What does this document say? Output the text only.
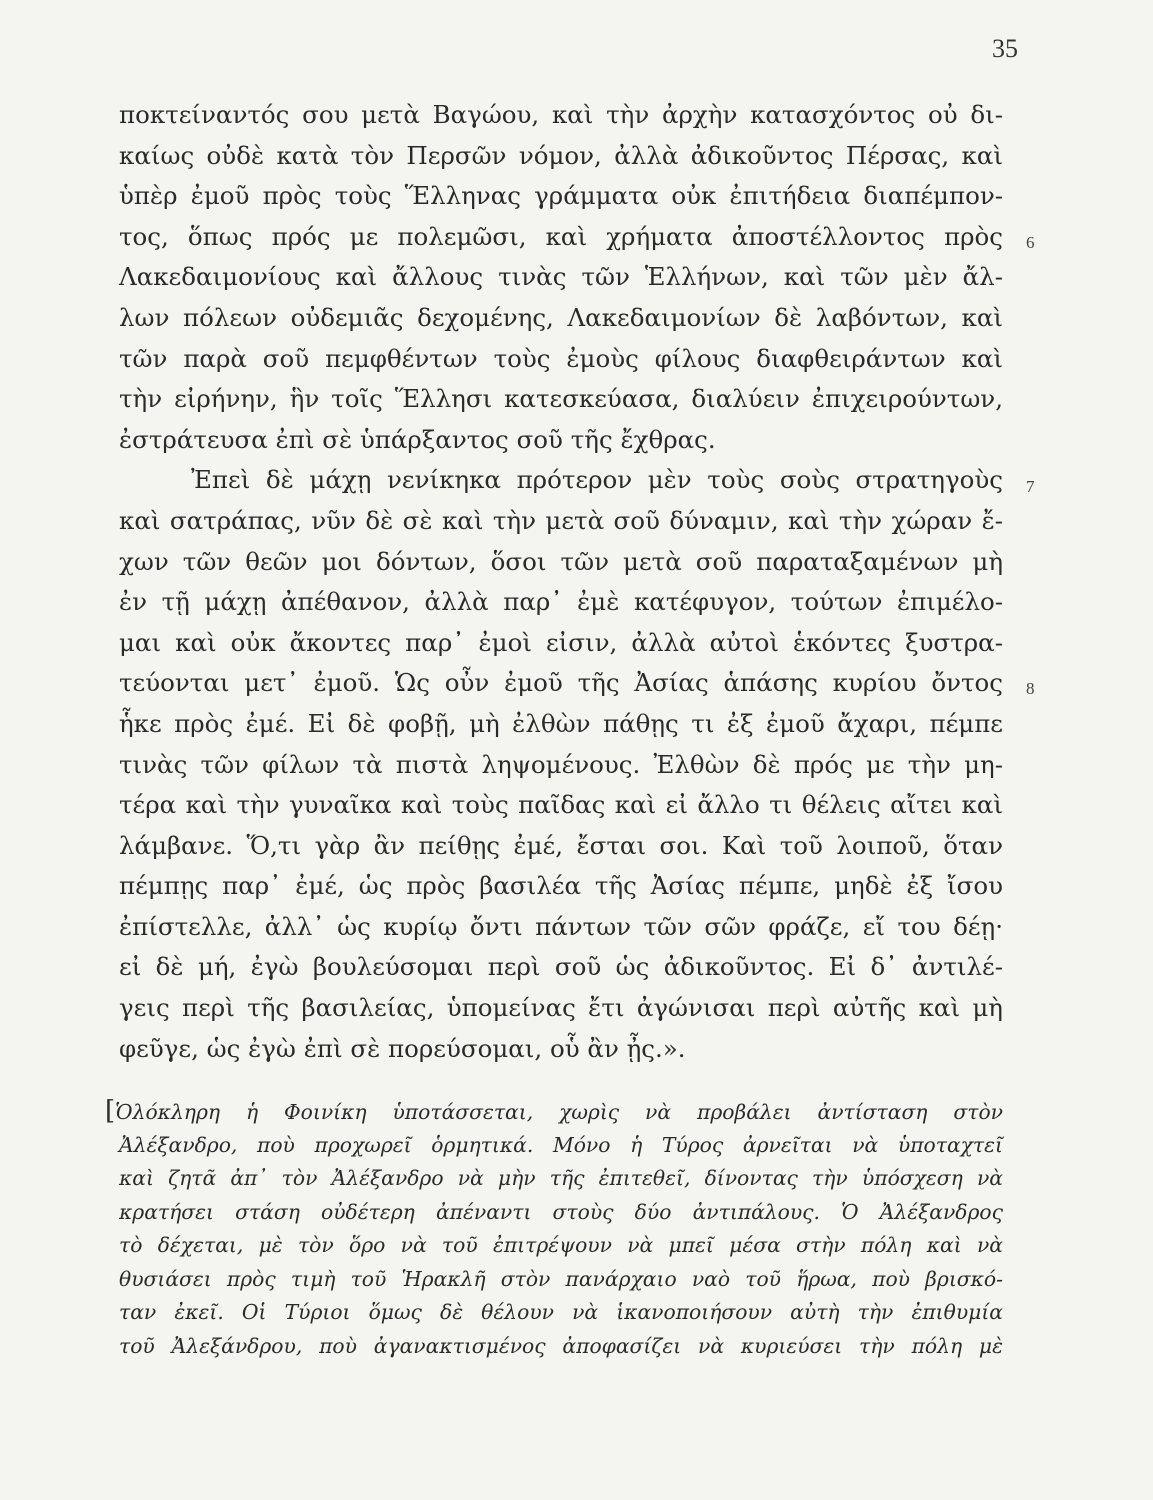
35
ποκτείναντός σου μετὰ Βαγώου, καὶ τὴν ἀρχὴν κατασχόντος οὐ δι-
καίως οὐδὲ κατὰ τὸν Περσῶν νόμον, ἀλλὰ ἀδικοῦντος Πέρσας, καὶ
ὑπὲρ ἐμοῦ πρὸς τοὺς Ἕλληνας γράμματα οὐκ ἐπιτήδεια διαπέμπον-
τος, ὅπως πρός με πολεμῶσι, καὶ χρήματα ἀποστέλλοντος πρὸς
Λακεδαιμονίους καὶ ἄλλους τινὰς τῶν Ἑλλήνων, καὶ τῶν μὲν ἄλ-
λων πόλεων οὐδεμιᾶς δεχομένης, Λακεδαιμονίων δὲ λαβόντων, καὶ
τῶν παρὰ σοῦ πεμφθέντων τοὺς ἐμοὺς φίλους διαφθειράντων καὶ
τὴν εἰρήνην, ἣν τοῖς Ἕλλησι κατεσκεύασα, διαλύειν ἐπιχειρούντων,
ἐστράτευσα ἐπὶ σὲ ὑπάρξαντος σοῦ τῆς ἔχθρας.
Ἐπεὶ δὲ μάχῃ νενίκηκα πρότερον μὲν τοὺς σοὺς στρατηγοὺς
καὶ σατράπας, νῦν δὲ σὲ καὶ τὴν μετὰ σοῦ δύναμιν, καὶ τὴν χώραν ἔ-
χων τῶν θεῶν μοι δόντων, ὅσοι τῶν μετὰ σοῦ παραταξαμένων μὴ
ἐν τῇ μάχῃ ἀπέθανον, ἀλλὰ παρ᾿ ἐμὲ κατέφυγον, τούτων ἐπιμέλο-
μαι καὶ οὐκ ἄκοντες παρ᾿ ἐμοὶ εἰσιν, ἀλλὰ αὐτοὶ ἑκόντες ξυστρα-
τεύονται μετ᾿ ἐμοῦ. Ὡς οὖν ἐμοῦ τῆς Ἀσίας ἁπάσης κυρίου ὄντος
ἧκε πρὸς ἐμέ. Εἰ δὲ φοβῇ, μὴ ἐλθὼν πάθῃς τι ἐξ ἐμοῦ ἄχαρι, πέμπε
τινὰς τῶν φίλων τὰ πιστὰ ληψομένους. Ἐλθὼν δὲ πρός με τὴν μη-
τέρα καὶ τὴν γυναῖκα καὶ τοὺς παῖδας καὶ εἰ ἄλλο τι θέλεις αἴτει καὶ
λάμβανε. Ὅ,τι γὰρ ἂν πείθῃς ἐμέ, ἔσται σοι. Καὶ τοῦ λοιποῦ, ὅταν
πέμπῃς παρ᾿ ἐμέ, ὡς πρὸς βασιλέα τῆς Ἀσίας πέμπε, μηδὲ ἐξ ἴσου
ἐπίστελλε, ἀλλ᾿ ὡς κυρίῳ ὄντι πάντων τῶν σῶν φράζε, εἴ του δέῃ·
εἰ δὲ μή, ἐγὼ βουλεύσομαι περὶ σοῦ ὡς ἀδικοῦντος. Εἰ δ᾿ ἀντιλέ-
γεις περὶ τῆς βασιλείας, ὑπομείνας ἔτι ἀγώνισαι περὶ αὐτῆς καὶ μὴ
φεῦγε, ὡς ἐγὼ ἐπὶ σὲ πορεύσομαι, οὗ ἂν ᾖς.».
6
7
8
[Ὁλόκληρη ἡ Φοινίκη ὑποτάσσεται, χωρὶς νὰ προβάλει ἀντίσταση στὸν
Ἀλέξανδρο, ποὺ προχωρεῖ ὁρμητικά. Μόνο ἡ Τύρος ἀρνεῖται νὰ ὑποταχτεῖ
καὶ ζητᾶ ἀπ᾿ τὸν Ἀλέξανδρο νὰ μὴν τῆς ἐπιτεθεῖ, δίνοντας τὴν ὑπόσχεση νὰ
κρατήσει στάση οὐδέτερη ἀπέναντι στοὺς δύο ἀντιπάλους. Ὁ Ἀλέξανδρος
τὸ δέχεται, μὲ τὸν ὅρο νὰ τοῦ ἐπιτρέψουν νὰ μπεῖ μέσα στὴν πόλη καὶ νὰ
θυσιάσει πρὸς τιμὴ τοῦ Ἡρακλῆ στὸν πανάρχαιο ναὸ τοῦ ἥρωα, ποὺ βρισκό-
ταν ἐκεῖ. Οἱ Τύριοι ὅμως δὲ θέλουν νὰ ἱκανοποιήσουν αὐτὴ τὴν ἐπιθυμία
τοῦ Ἀλεξάνδρου, ποὺ ἀγανακτισμένος ἀποφασίζει νὰ κυριεύσει τὴν πόλη μὲ
